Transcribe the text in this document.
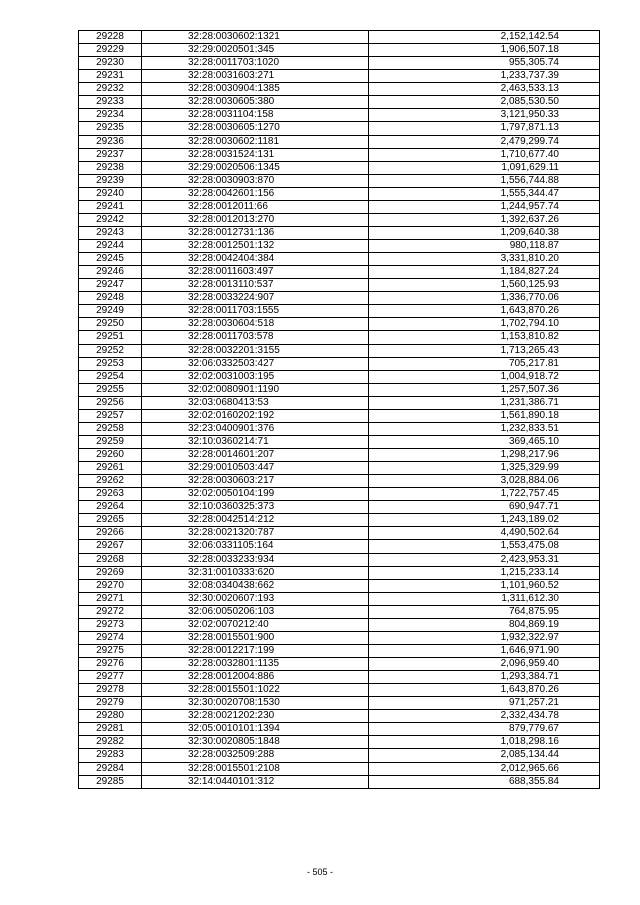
29228	32:28:0030602:1321	2,152,142.54
29229	32:29:0020501:345	1,906,507.18
29230	32:28:0011703:1020	955,305.74
29231	32:28:0031603:271	1,233,737.39
29232	32:28:0030904:1385	2,463,533.13
29233	32:28:0030605:380	2,085,530.50
29234	32:28:0031104:158	3,121,950.33
29235	32:28:0030605:1270	1,797,871.13
29236	32:28:0030602:1181	2,479,299.74
29237	32:28:0031524:131	1,710,677.40
29238	32:29:0020506:1345	1,091,629.11
29239	32:28:0030903:870	1,556,744.88
29240	32:28:0042601:156	1,555,344.47
29241	32:28:0012011:66	1,244,957.74
29242	32:28:0012013:270	1,392,637.26
29243	32:28:0012731:136	1,209,640.38
29244	32:28:0012501:132	980,118.87
29245	32:28:0042404:384	3,331,810.20
29246	32:28:0011603:497	1,184,827.24
29247	32:28:0013110:537	1,560,125.93
29248	32:28:0033224:907	1,336,770.06
29249	32:28:0011703:1555	1,643,870.26
29250	32:28:0030604:518	1,702,794.10
29251	32:28:0011703:578	1,153,810.82
29252	32:28:0032201:3155	1,713,265.43
29253	32:06:0332503:427	705,217.81
29254	32:02:0031003:195	1,004,918.72
29255	32:02:0080901:1190	1,257,507.36
29256	32:03:0680413:53	1,231,386.71
29257	32:02:0160202:192	1,561,890.18
29258	32:23:0400901:376	1,232,833.51
29259	32:10:0360214:71	369,465.10
29260	32:28:0014601:207	1,298,217.96
29261	32:29:0010503:447	1,325,329.99
29262	32:28:0030603:217	3,028,884.06
29263	32:02:0050104:199	1,722,757.45
29264	32:10:0360325:373	690,947.71
29265	32:28:0042514:212	1,243,189.02
29266	32:28:0021320:787	4,490,502.64
29267	32:06:0331105:164	1,553,475.08
29268	32:28:0033233:934	2,423,953.31
29269	32:31:0010333:620	1,215,233.14
29270	32:08:0340438:662	1,101,960.52
29271	32:30:0020607:193	1,311,612.30
29272	32:06:0050206:103	764,875.95
29273	32:02:0070212:40	804,869.19
29274	32:28:0015501:900	1,932,322.97
29275	32:28:0012217:199	1,646,971.90
29276	32:28:0032801:1135	2,096,959.40
29277	32:28:0012004:886	1,293,384.71
29278	32:28:0015501:1022	1,643,870.26
29279	32:30:0020708:1530	971,257.21
29280	32:28:0021202:230	2,332,434.78
29281	32:05:0010101:1394	879,779.67
29282	32:30:0020805:1848	1,018,298.16
29283	32:28:0032509:288	2,085,134.44
29284	32:28:0015501:2108	2,012,965.66
29285	32:14:0440101:312	688,355.84
- 505 -
